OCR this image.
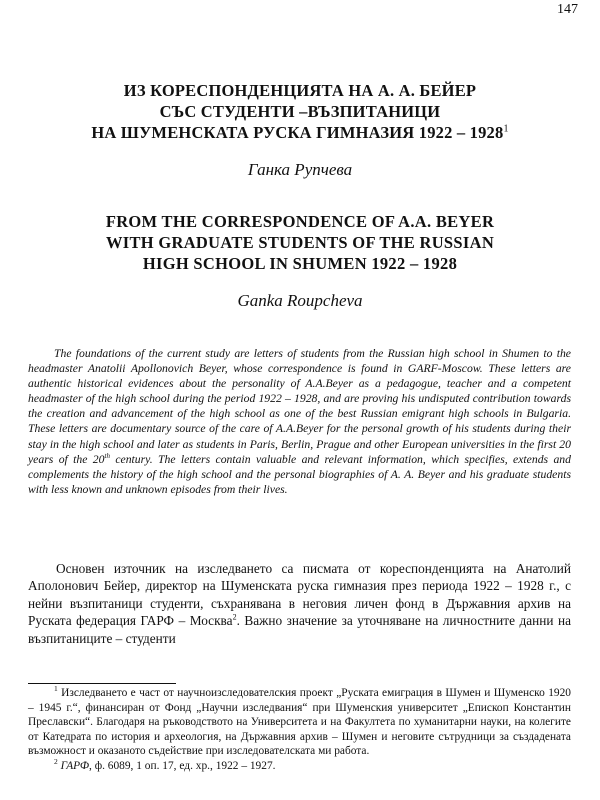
147
ИЗ КОРЕСПОНДЕНЦИЯТА НА А. А. БЕЙЕР
СЪС СТУДЕНТИ –ВЪЗПИТАНИЦИ
НА ШУМЕНСКАТА РУСКА ГИМНАЗИЯ 1922 – 1928$^1$
Ганка Рупчева
FROM THE CORRESPONDENCE OF A.A. BEYER
WITH GRADUATE STUDENTS OF THE RUSSIAN
HIGH SCHOOL IN SHUMEN 1922 – 1928
Ganka Roupcheva

The foundations of the current study are letters of students from the Russian high school in Shumen to the headmaster Anatolii Apollonovich Beyer, whose correspondence is found in GARF-Moscow. These letters are authentic historical evidences about the personality of A.A.Beyer as a pedagogue, teacher and a competent headmaster of the high school during the period 1922 – 1928, and are proving his undisputed contribution towards the creation and advancement of the high school as one of the best Russian emigrant high schools in Bulgaria. These letters are documentary source of the care of A.A.Beyer for the personal growth of his students during their stay in the high school and later as students in Paris, Berlin, Prague and other European universities in the first 20 years of the 20th century. The letters contain valuable and relevant information, which specifies, extends and complements the history of the high school and the personal biographies of A. A. Beyer and his graduate students with less known and unknown episodes from their lives.

Основен източник на изследването са писмата от кореспонденцията на Анатолий Аполонович Бейер, директор на Шуменската руска гимназия през периода 1922 – 1928 г., с нейни възпитаници студенти, съхранявана в неговия личен фонд в Държавния архив на Руската федерация ГАРФ – Москва$^2$. Важно значение за уточняване на личностните данни на възпитаниците – студенти

$^1$ Изследването е част от научноизследователския проект „Руската емиграция в Шумен и Шуменско 1920 – 1945 г.“, финансиран от Фонд „Научни изследвания“ при Шуменския университет „Епископ Константин Преславски“. Благодаря на ръководството на Университета и на Факултета по хуманитарни науки, на колегите от Катедрата по история и археология, на Държавния архив – Шумен и неговите сътрудници за създадената възможност и оказаното съдействие при изследователската ми работа.

$^2$ ГАРФ, ф. 6089, 1 оп. 17, ед. хр., 1922 – 1927.
